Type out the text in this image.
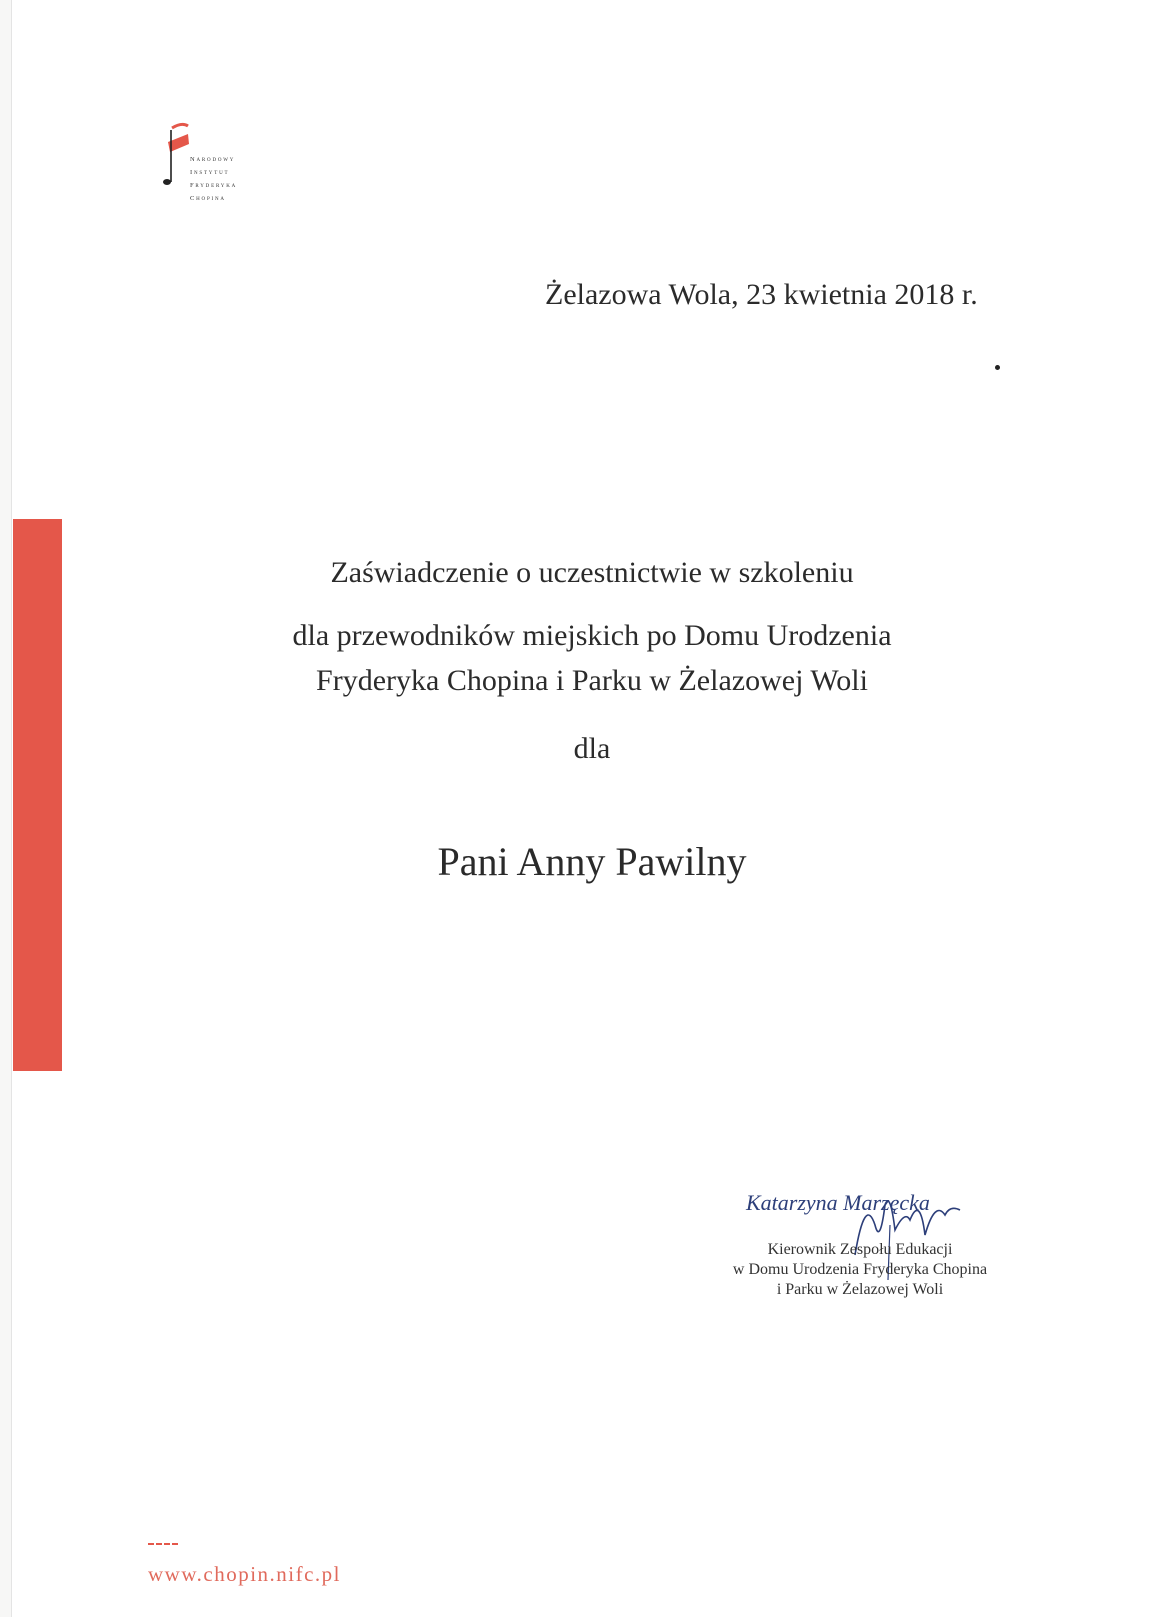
Narodowy
Instytut
Fryderyka
Chopina
Żelazowa Wola, 23 kwietnia 2018 r.
Zaświadczenie o uczestnictwie w szkoleniu
dla przewodników miejskich po Domu Urodzenia
Fryderyka Chopina i Parku w Żelazowej Woli
dla
Pani Anny Pawilny
Katarzyna Marzęcka
Kierownik Zespołu Edukacji
w Domu Urodzenia Fryderyka Chopina
i Parku w Żelazowej Woli
www.chopin.nifc.pl
